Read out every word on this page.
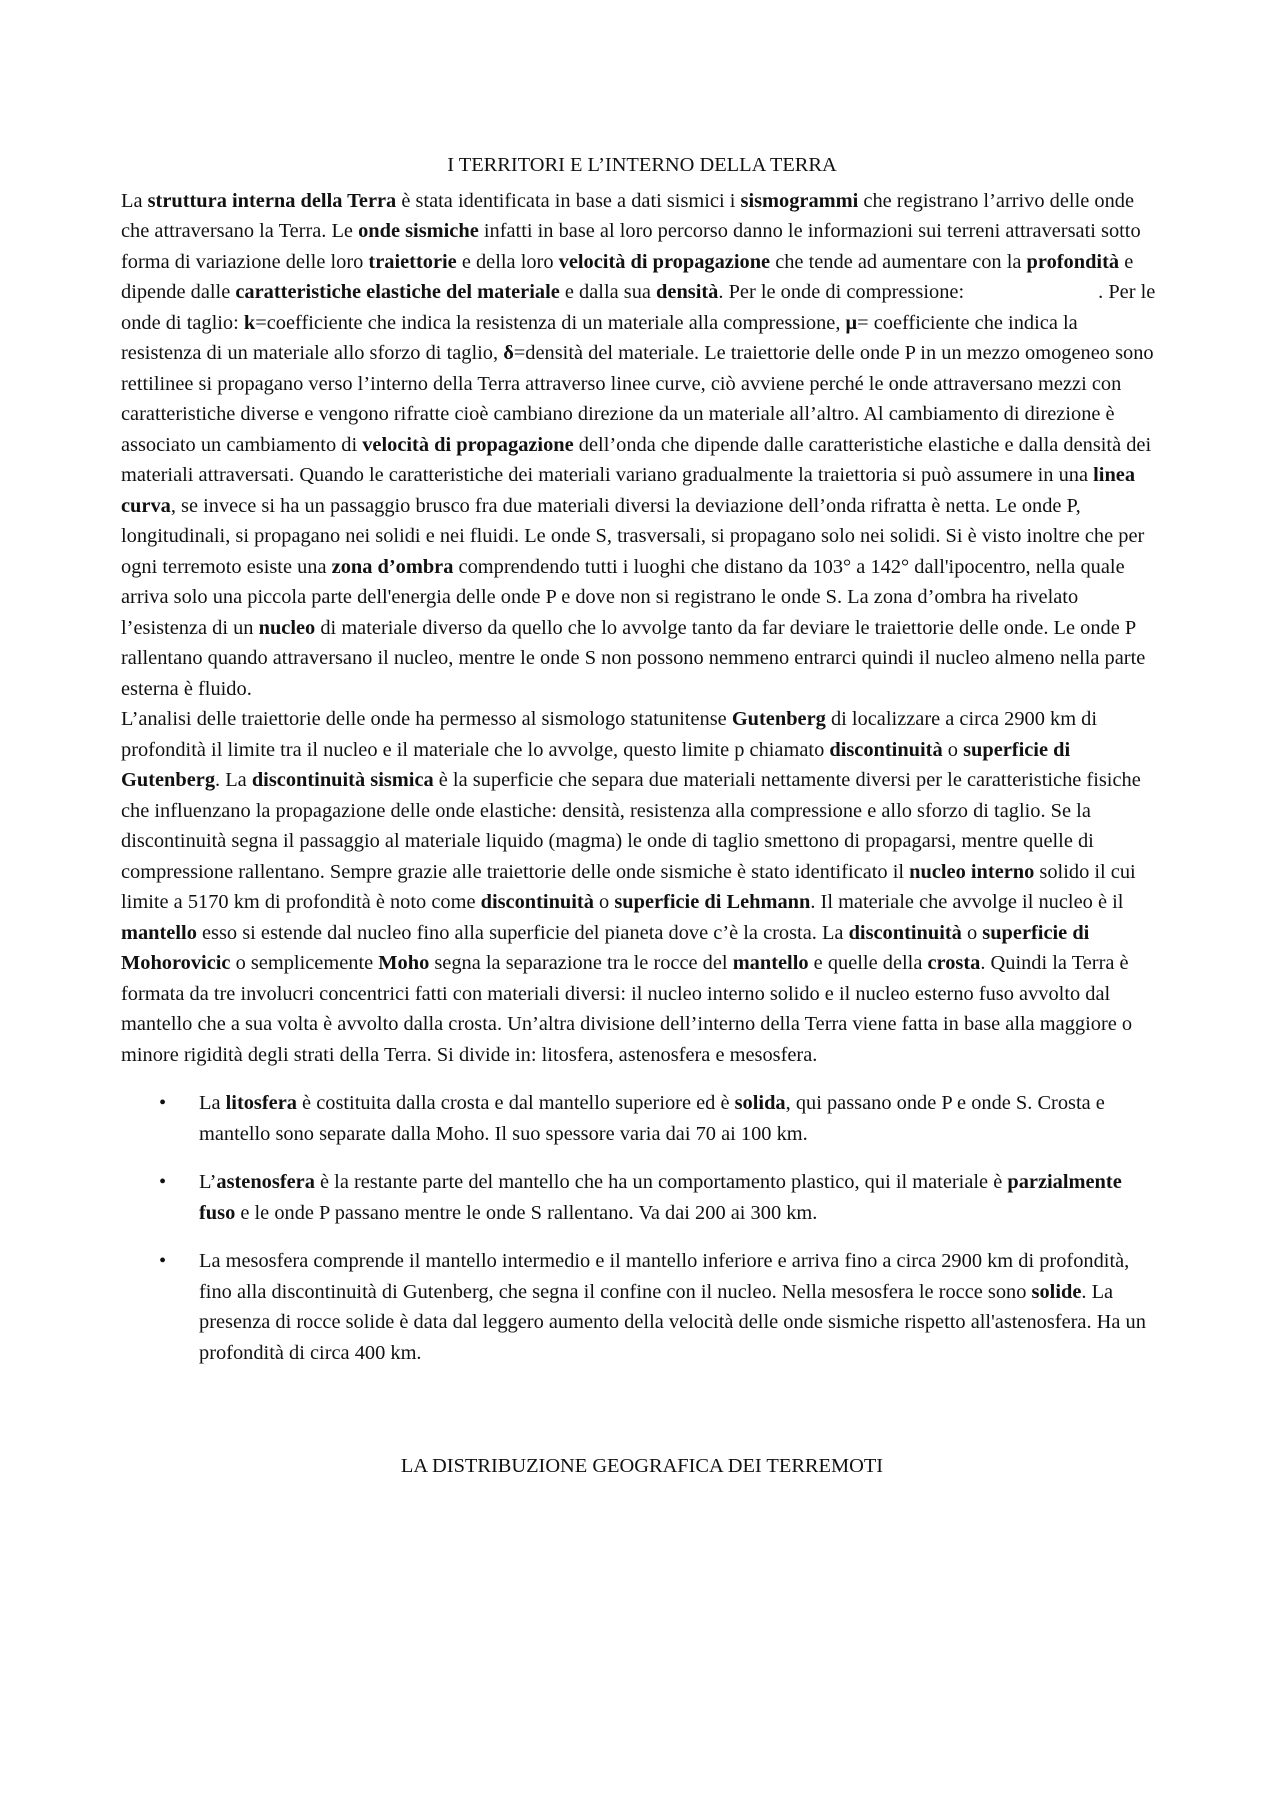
I TERRITORI E L’INTERNO DELLA TERRA

La struttura interna della Terra è stata identificata in base a dati sismici i sismogrammi che registrano l’arrivo delle onde che attraversano la Terra. Le onde sismiche infatti in base al loro percorso danno le informazioni sui terreni attraversati sotto forma di variazione delle loro traiettorie e della loro velocità di propagazione che tende ad aumentare con la profondità e dipende dalle caratteristiche elastiche del materiale e dalla sua densità. Per le onde di compressione:	. Per le onde di taglio: k=coefficiente che indica la resistenza di un materiale alla compressione, μ= coefficiente che indica la resistenza di un materiale allo sforzo di taglio, δ=densità del materiale. Le traiettorie delle onde P in un mezzo omogeneo sono rettilinee si propagano verso l’interno della Terra attraverso linee curve, ciò avviene perché le onde attraversano mezzi con caratteristiche diverse e vengono rifratte cioè cambiano direzione da un materiale all’altro. Al cambiamento di direzione è associato un cambiamento di velocità di propagazione dell’onda che dipende dalle caratteristiche elastiche e dalla densità dei materiali attraversati. Quando le caratteristiche dei materiali variano gradualmente la traiettoria si può assumere in una linea curva, se invece si ha un passaggio brusco fra due materiali diversi la deviazione dell’onda rifratta è netta. Le onde P, longitudinali, si propagano nei solidi e nei fluidi. Le onde S, trasversali, si propagano solo nei solidi. Si è visto inoltre che per ogni terremoto esiste una zona d’ombra comprendendo tutti i luoghi che distano da 103° a 142° dall'ipocentro, nella quale arriva solo una piccola parte dell'energia delle onde P e dove non si registrano le onde S. La zona d’ombra ha rivelato l’esistenza di un nucleo di materiale diverso da quello che lo avvolge tanto da far deviare le traiettorie delle onde. Le onde P rallentano quando attraversano il nucleo, mentre le onde S non possono nemmeno entrarci quindi il nucleo almeno nella parte esterna è fluido.

L’analisi delle traiettorie delle onde ha permesso al sismologo statunitense Gutenberg di localizzare a circa 2900 km di profondità il limite tra il nucleo e il materiale che lo avvolge, questo limite p chiamato discontinuità o superficie di Gutenberg. La discontinuità sismica è la superficie che separa due materiali nettamente diversi per le caratteristiche fisiche che influenzano la propagazione delle onde elastiche: densità, resistenza alla compressione e allo sforzo di taglio. Se la discontinuità segna il passaggio al materiale liquido (magma) le onde di taglio smettono di propagarsi, mentre quelle di compressione rallentano. Sempre grazie alle traiettorie delle onde sismiche è stato identificato il nucleo interno solido il cui limite a 5170 km di profondità è noto come discontinuità o superficie di Lehmann. Il materiale che avvolge il nucleo è il mantello esso si estende dal nucleo fino alla superficie del pianeta dove c’è la crosta. La discontinuità o superficie di Mohorovicic o semplicemente Moho segna la separazione tra le rocce del mantello e quelle della crosta. Quindi la Terra è formata da tre involucri concentrici fatti con materiali diversi: il nucleo interno solido e il nucleo esterno fuso avvolto dal mantello che a sua volta è avvolto dalla crosta. Un’altra divisione dell’interno della Terra viene fatta in base alla maggiore o minore rigidità degli strati della Terra. Si divide in: litosfera, astenosfera e mesosfera.

• La litosfera è costituita dalla crosta e dal mantello superiore ed è solida, qui passano onde P e onde S. Crosta e mantello sono separate dalla Moho. Il suo spessore varia dai 70 ai 100 km.
• L’astenosfera è la restante parte del mantello che ha un comportamento plastico, qui il materiale è parzialmente fuso e le onde P passano mentre le onde S rallentano. Va dai 200 ai 300 km.
• La mesosfera comprende il mantello intermedio e il mantello inferiore e arriva fino a circa 2900 km di profondità, fino alla discontinuità di Gutenberg, che segna il confine con il nucleo. Nella mesosfera le rocce sono solide. La presenza di rocce solide è data dal leggero aumento della velocità delle onde sismiche rispetto all'astenosfera. Ha un profondità di circa 400 km.
LA DISTRIBUZIONE GEOGRAFICA DEI TERREMOTI
